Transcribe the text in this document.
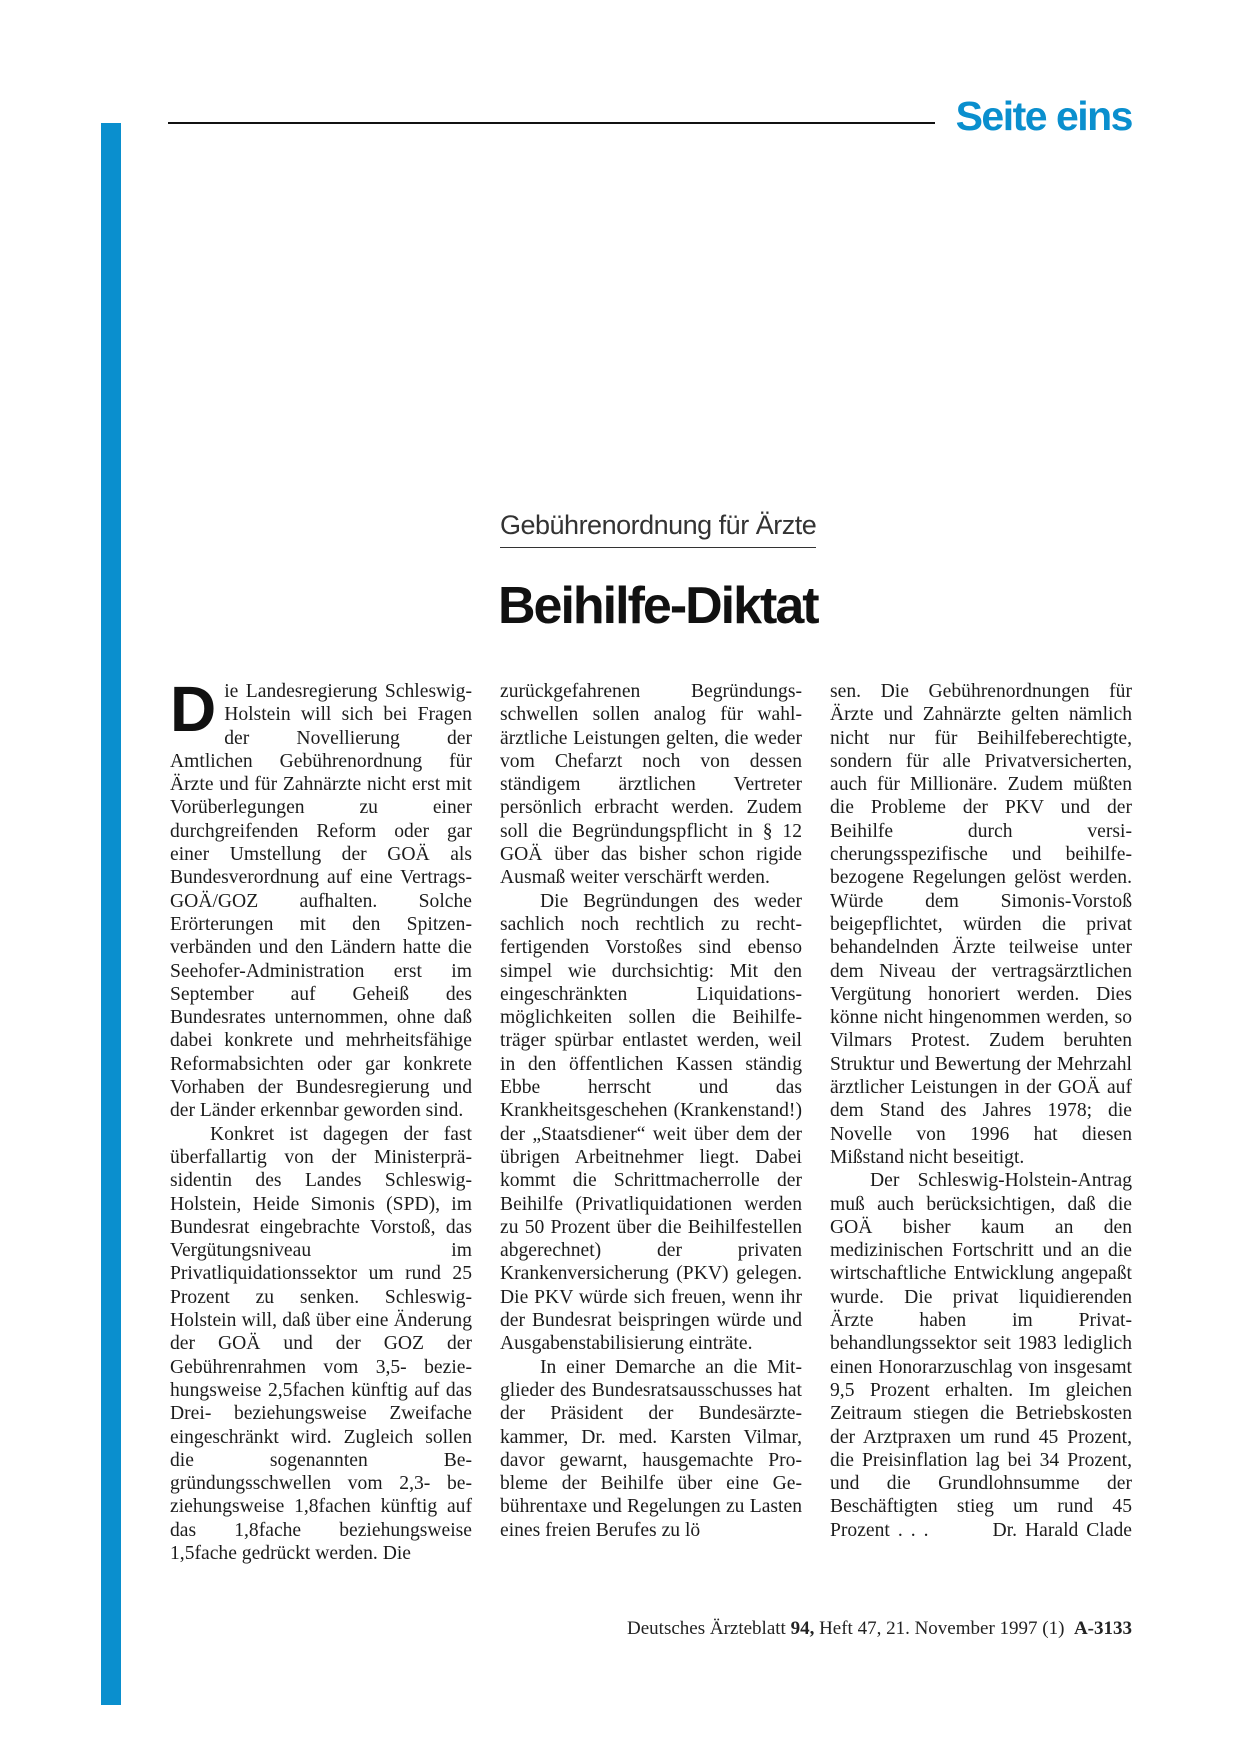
Seite eins
Gebührenordnung für Ärzte
Beihilfe-Diktat

Die Landesregierung Schleswig-Holstein will sich bei Fragen der Novellierung der Amtlichen Gebührenordnung für Ärzte und für Zahnärzte nicht erst mit Vorüberlegungen zu einer durchgreifenden Reform oder gar einer Umstellung der GOÄ als Bundesverordnung auf eine Vertrags-GOÄ/GOZ aufhalten. Solche Erörterungen mit den Spitzenverbänden und den Ländern hatte die Seehofer-Administration erst im September auf Geheiß des Bundesrates unternommen, ohne daß dabei konkrete und mehrheitsfähige Reformabsichten oder gar konkrete Vorhaben der Bundesregierung und der Länder erkennbar geworden sind.

Konkret ist dagegen der fast überfallartig von der Ministerpräsidentin des Landes Schleswig-Holstein, Heide Simonis (SPD), im Bundesrat eingebrachte Vorstoß, das Vergütungsniveau im Privatliquidationssektor um rund 25 Prozent zu senken. Schleswig-Holstein will, daß über eine Änderung der GOÄ und der GOZ der Gebührenrahmen vom 3,5- beziehungsweise 2,5fachen künftig auf das Drei- beziehungsweise Zweifache eingeschränkt wird. Zugleich sollen die sogenannten Begründungsschwellen vom 2,3- beziehungsweise 1,8fachen künftig auf das 1,8fache beziehungsweise 1,5fache gedrückt werden. Die

zurückgefahrenen Begründungsschwellen sollen analog für wahlärztliche Leistungen gelten, die weder vom Chefarzt noch von dessen ständigem ärztlichen Vertreter persönlich erbracht werden. Zudem soll die Begründungspflicht in § 12 GOÄ über das bisher schon rigide Ausmaß weiter verschärft werden.

Die Begründungen des weder sachlich noch rechtlich zu rechtfertigenden Vorstoßes sind ebenso simpel wie durchsichtig: Mit den eingeschränkten Liquidationsmöglichkeiten sollen die Beihilfeträger spürbar entlastet werden, weil in den öffentlichen Kassen ständig Ebbe herrscht und das Krankheitsgeschehen (Krankenstand!) der „Staatsdiener“ weit über dem der übrigen Arbeitnehmer liegt. Dabei kommt die Schrittmacherrolle der Beihilfe (Privatliquidationen werden zu 50 Prozent über die Beihilfestellen abgerechnet) der privaten Krankenversicherung (PKV) gelegen. Die PKV würde sich freuen, wenn ihr der Bundesrat beispringen würde und Ausgabenstabilisierung einträte.

In einer Demarche an die Mitglieder des Bundesratsausschusses hat der Präsident der Bundesärztekammer, Dr. med. Karsten Vilmar, davor gewarnt, hausgemachte Probleme der Beihilfe über eine Gebührentaxe und Regelungen zu Lasten eines freien Berufes zu lö

sen. Die Gebührenordnungen für Ärzte und Zahnärzte gelten nämlich nicht nur für Beihilfeberechtigte, sondern für alle Privatversicherten, auch für Millionäre. Zudem müßten die Probleme der PKV und der Beihilfe durch versicherungsspezifische und beihilfebezogene Regelungen gelöst werden. Würde dem Simonis-Vorstoß beigepflichtet, würden die privat behandelnden Ärzte teilweise unter dem Niveau der vertragsärztlichen Vergütung honoriert werden. Dies könne nicht hingenommen werden, so Vilmars Protest. Zudem beruhten Struktur und Bewertung der Mehrzahl ärztlicher Leistungen in der GOÄ auf dem Stand des Jahres 1978; die Novelle von 1996 hat diesen Mißstand nicht beseitigt.

Der Schleswig-Holstein-Antrag muß auch berücksichtigen, daß die GOÄ bisher kaum an den medizinischen Fortschritt und an die wirtschaftliche Entwicklung angepaßt wurde. Die privat liquidierenden Ärzte haben im Privatbehandlungssektor seit 1983 lediglich einen Honorarzuschlag von insgesamt 9,5 Prozent erhalten. Im gleichen Zeitraum stiegen die Betriebskosten der Arztpraxen um rund 45 Prozent, die Preisinflation lag bei 34 Prozent, und die Grundlohnsumme der Beschäftigten stieg um rund 45 Prozent . . .	Dr. Harald Clade

Deutsches Ärzteblatt 94, Heft 47, 21. November 1997 (1) A-3133
